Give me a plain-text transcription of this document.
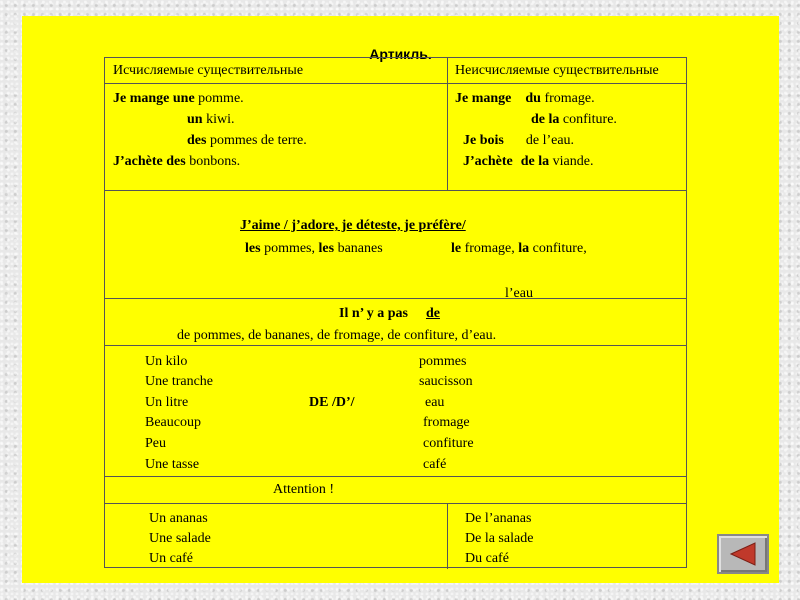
Артикль.
Исчисляемые существительные	Неисчисляемые существительные
Je mange une pomme.
un kiwi.
des pommes de terre.
J’achète des bonbons.
Je mange du fromage.
de la confiture.
Je bois de l’eau.
J’achète de la viande.
J’aime / j’adore, je déteste, je préfère/
les pommes, les bananes	le fromage, la confiture,
l’eau
Il n’ y a pas de
de pommes, de bananes, de fromage, de confiture, d’eau.
Un kilo
Une tranche
Un litre
Beaucoup
Peu
Une tasse
DE /D’/
pommes
saucisson
eau
fromage
confiture
café
Attention !
Un ananas
Une salade
Un café
De l’ananas
De la salade
Du café
